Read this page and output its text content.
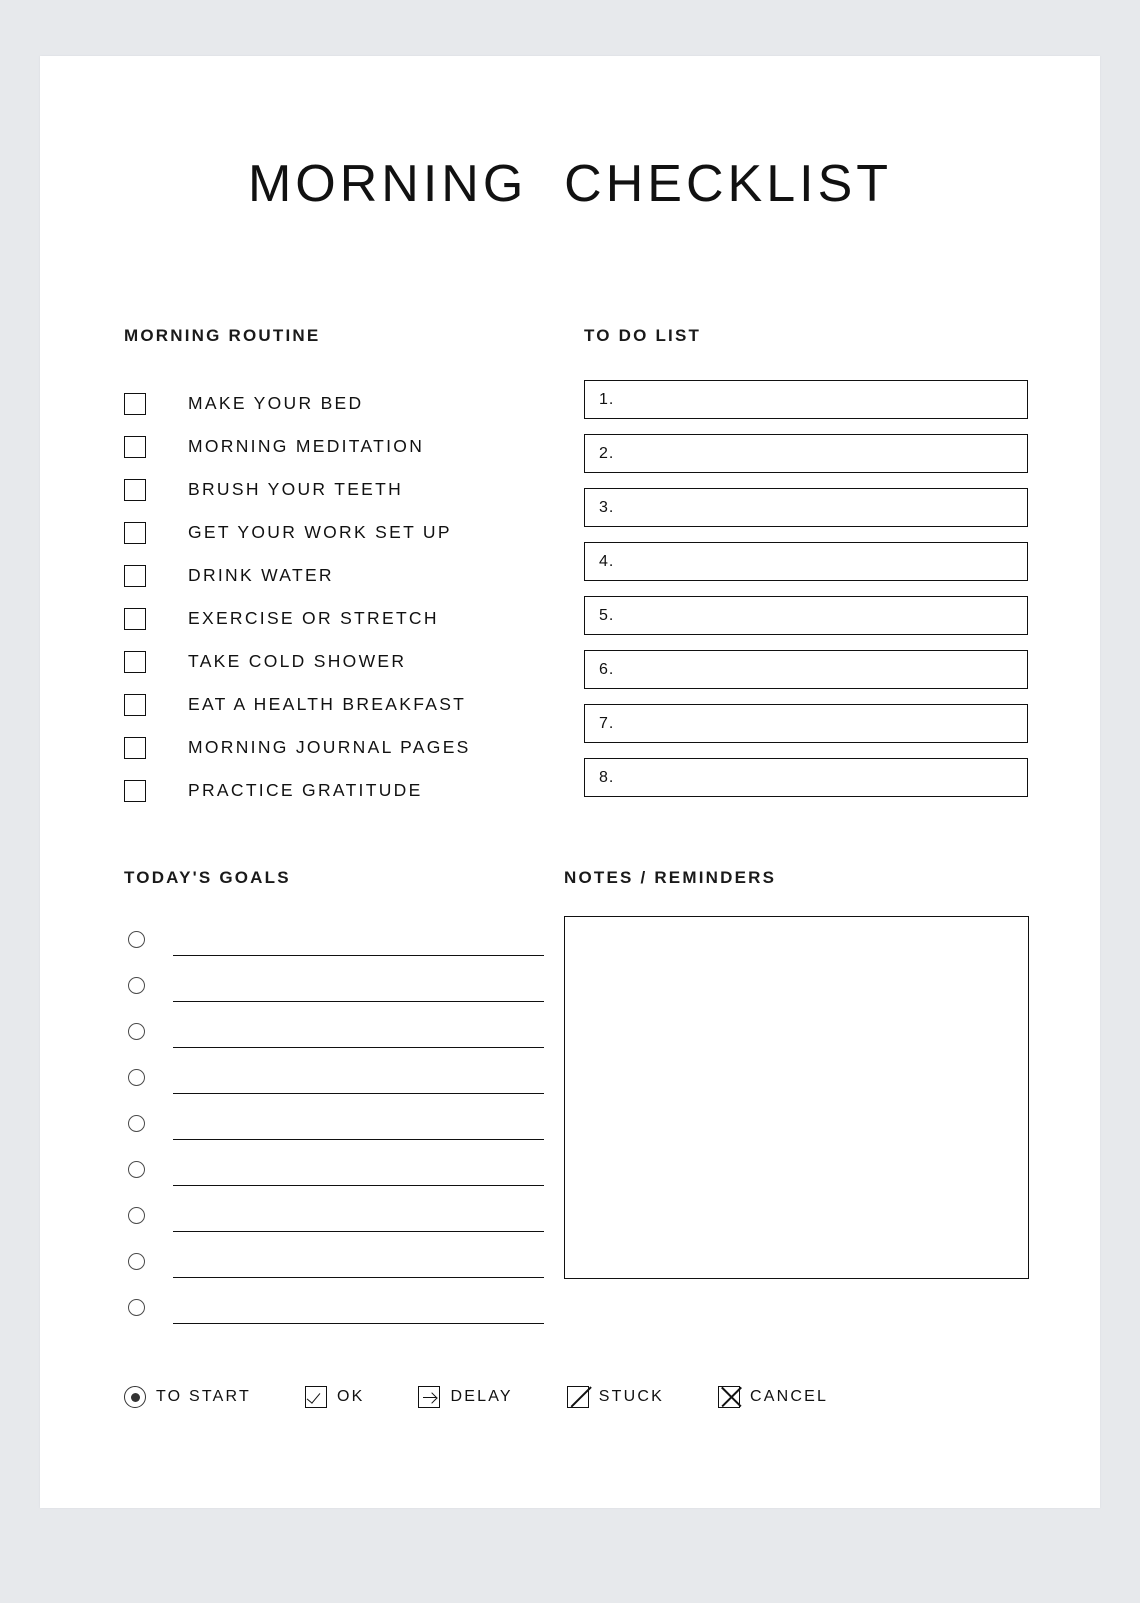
MORNING  CHECKLIST
MORNING ROUTINE
MAKE YOUR BED
MORNING MEDITATION
BRUSH YOUR TEETH
GET YOUR WORK SET UP
DRINK WATER
EXERCISE OR STRETCH
TAKE COLD SHOWER
EAT A HEALTH BREAKFAST
MORNING JOURNAL PAGES
PRACTICE GRATITUDE
TO DO LIST
1.
2.
3.
4.
5.
6.
7.
8.
TODAY'S GOALS	NOTES / REMINDERS
TO START	OK	DELAY	STUCK	CANCEL
